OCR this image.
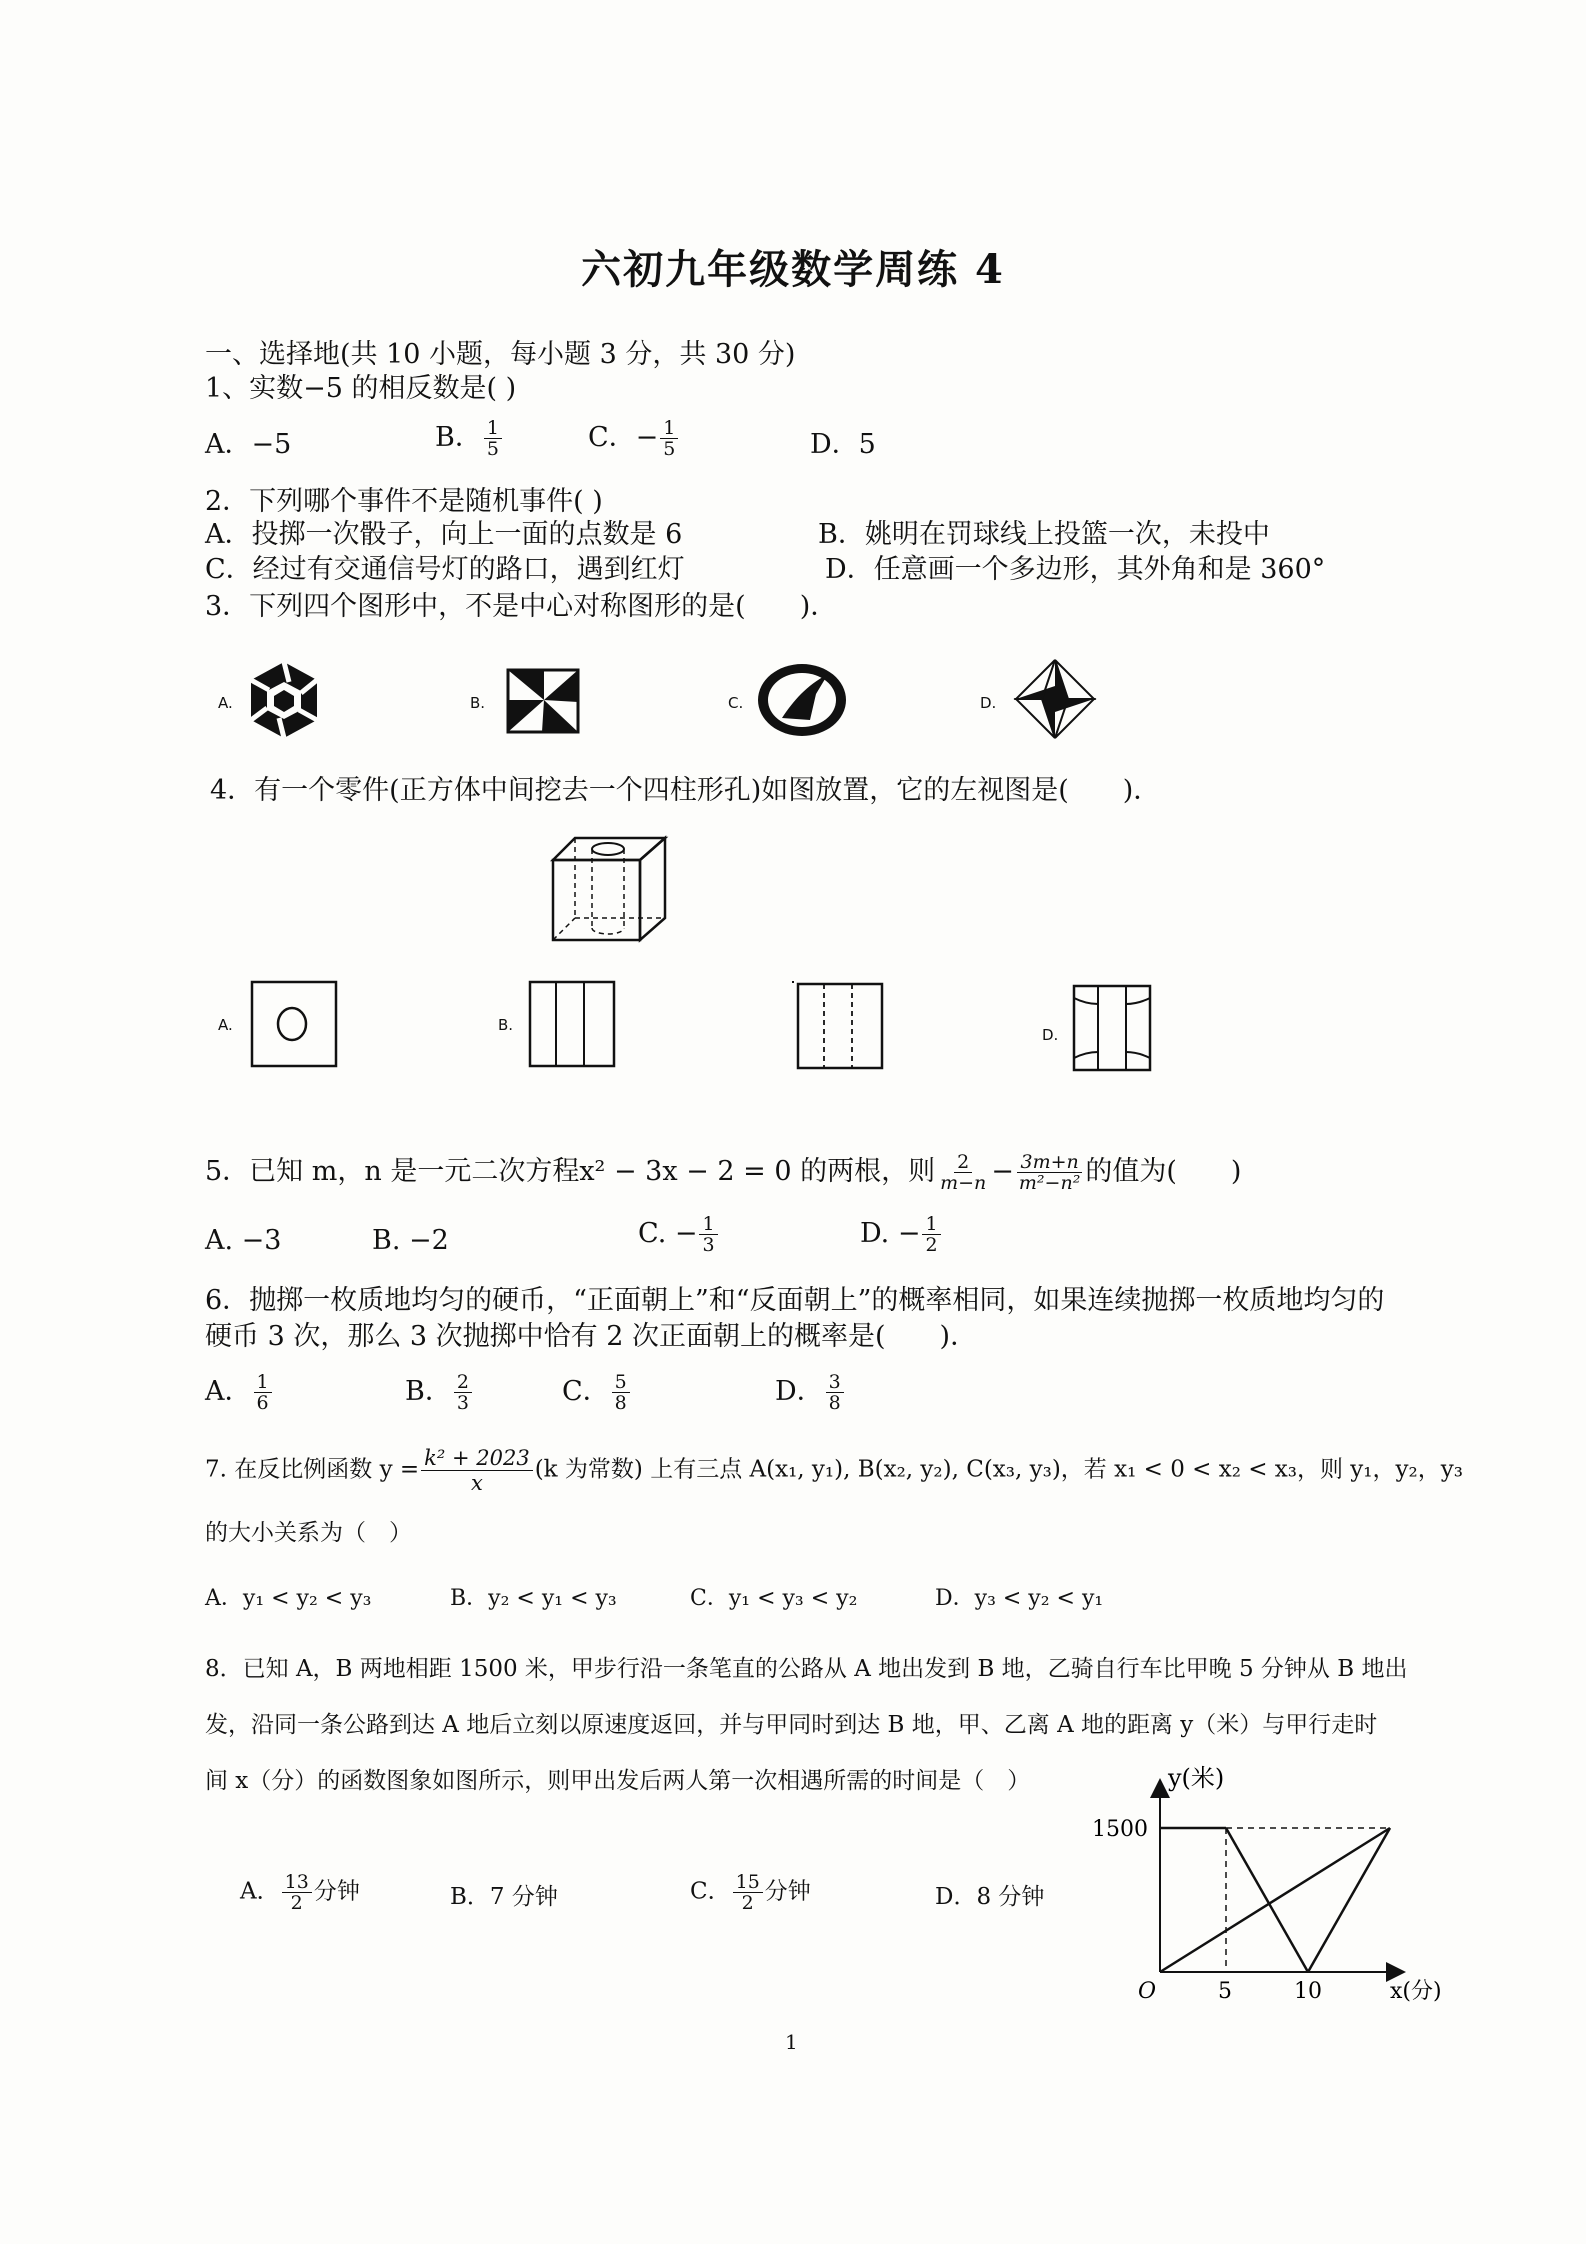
六初九年级数学周练 4
一、选择地(共 10 小题，每小题 3 分，共 30 分)
1、实数−5 的相反数是( )
A．−5	B． $\frac{1}{5}$	C．− $\frac{1}{5}$	D．5
2．下列哪个事件不是随机事件( )
A．投掷一次骰子，向上一面的点数是 6	B．姚明在罚球线上投篮一次，未投中
C．经过有交通信号灯的路口，遇到红灯	D．任意画一个多边形，其外角和是 360°
3．下列四个图形中，不是中心对称图形的是(　　)．
A.	B.	C.	D.
4．有一个零件(正方体中间挖去一个四柱形孔)如图放置，它的左视图是(　　)．
A.	B.
D.
5．已知 m，n 是一元二次方程x² − 3x − 2 = 0 的两根，则 $\frac{2}{m-n} - \frac{3m+n}{\text{m²−n²}}$ 的值为(　　)
A. −3	B. −2	C. − $\frac{1}{3}$	D. − $\frac{1}{2}$
6．抛掷一枚质地均匀的硬币，“正面朝上”和“反面朝上”的概率相同，如果连续抛掷一枚质地均匀的
硬币 3 次，那么 3 次抛掷中恰有 2 次正面朝上的概率是(　　)．
A． $\frac{1}{6}$	B． $\frac{2}{3}$	C． $\frac{5}{8}$	D． $\frac{3}{8}$
7. 在反比例函数 $y = \frac{\text{k² + 2023}}{x} (k$ 为常数) 上有三点 A(x₁, y₁), B(x₂, y₂), C(x₃, y₃)，若 x₁ < 0 < x₂ < x₃，则 y₁，y₂，y₃
的大小关系为（　）
A．y₁ < y₂ < y₃	B．y₂ < y₁ < y₃	C．y₁ < y₃ < y₂	D．y₃ < y₂ < y₁
8．已知 A，B 两地相距 1500 米，甲步行沿一条笔直的公路从 A 地出发到 B 地，乙骑自行车比甲晚 5 分钟从 B 地出
发，沿同一条公路到达 A 地后立刻以原速度返回，并与甲同时到达 B 地，甲、乙离 A 地的距离 y（米）与甲行走时
间 x（分）的函数图象如图所示，则甲出发后两人第一次相遇所需的时间是（　）
A． $\frac{13}{2}$ 分钟	B．7 分钟	C． $\frac{15}{2}$ 分钟	D．8 分钟
y(米)
1500
O	5	10	x(分)
1
